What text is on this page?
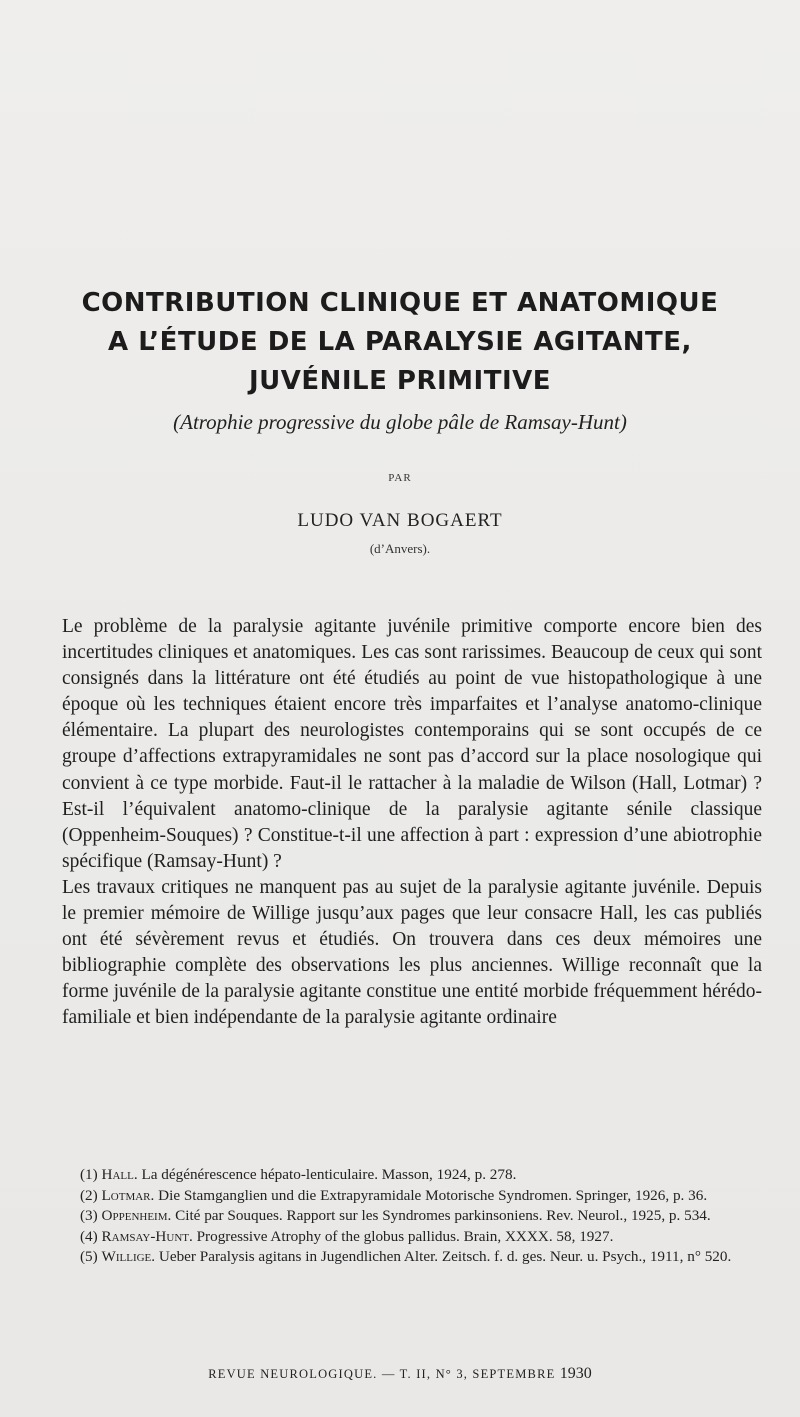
CONTRIBUTION CLINIQUE ET ANATOMIQUE
A L’ÉTUDE DE LA PARALYSIE AGITANTE,
JUVÉNILE PRIMITIVE
(Atrophie progressive du globe pâle de Ramsay-Hunt)
PAR
LUDO VAN BOGAERT
(d’Anvers).

Le problème de la paralysie agitante juvénile primitive comporte encore bien des incertitudes cliniques et anatomiques. Les cas sont rarissimes. Beaucoup de ceux qui sont consignés dans la littérature ont été étudiés au point de vue histopathologique à une époque où les techniques étaient encore très imparfaites et l’analyse anatomo-clinique élémentaire. La plupart des neurologistes contemporains qui se sont occupés de ce groupe d’affections extrapyramidales ne sont pas d’accord sur la place nosologique qui convient à ce type morbide. Faut-il le rattacher à la maladie de Wilson (Hall, Lotmar) ? Est-il l’équivalent anatomo-clinique de la paralysie agitante sénile classique (Oppenheim-Souques) ? Constitue-t-il une affection à part : expression d’une abiotrophie spécifique (Ramsay-Hunt) ?

Les travaux critiques ne manquent pas au sujet de la paralysie agitante juvénile. Depuis le premier mémoire de Willige jusqu’aux pages que leur consacre Hall, les cas publiés ont été sévèrement revus et étudiés. On trouvera dans ces deux mémoires une bibliographie complète des observations les plus anciennes. Willige reconnaît que la forme juvénile de la paralysie agitante constitue une entité morbide fréquemment hérédo-familiale et bien indépendante de la paralysie agitante ordinaire

(1) Hall. La dégénérescence hépato-lenticulaire. Masson, 1924, p. 278.

(2) Lotmar. Die Stamganglien und die Extrapyramidale Motorische Syndromen. Springer, 1926, p. 36.

(3) Oppenheim. Cité par Souques. Rapport sur les Syndromes parkinsoniens. Rev. Neurol., 1925, p. 534.

(4) Ramsay-Hunt. Progressive Atrophy of the globus pallidus. Brain, XXXX. 58, 1927.

(5) Willige. Ueber Paralysis agitans in Jugendlichen Alter. Zeitsch. f. d. ges. Neur. u. Psych., 1911, n° 520.

REVUE NEUROLOGIQUE. — T. II, N° 3, SEPTEMBRE 1930
